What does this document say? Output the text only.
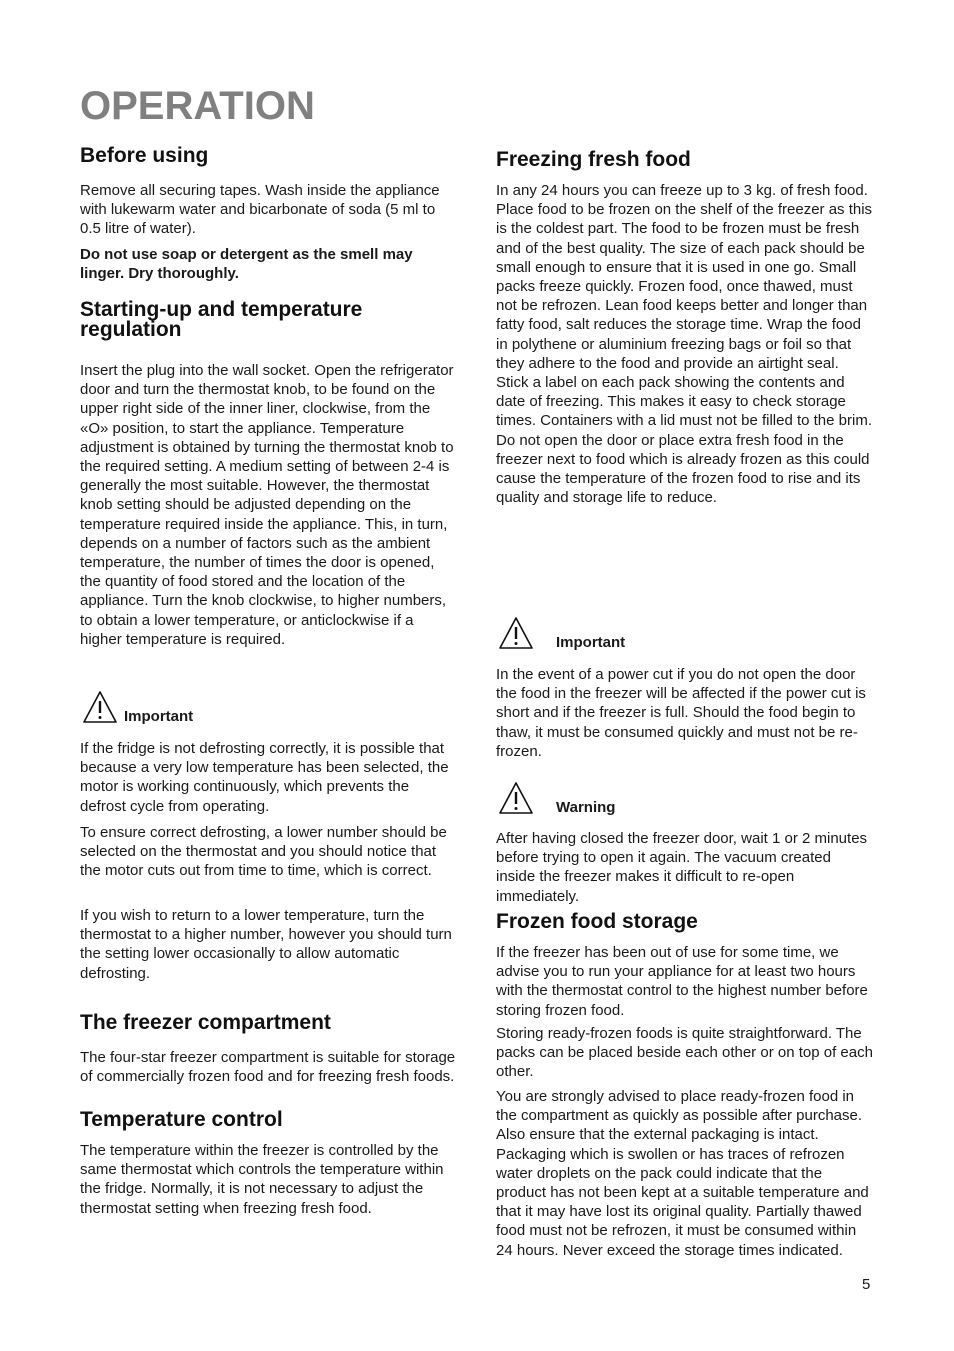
OPERATION
Before using

Remove all securing tapes. Wash inside the appliance with lukewarm water and bicarbonate of soda (5 ml to 0.5 litre of water).

Do not use soap or detergent as the smell may linger. Dry thoroughly.

Starting-up and temperature
regulation

Insert the plug into the wall socket. Open the refrigerator door and turn the thermostat knob, to be found on the upper right side of the inner liner, clockwise, from the «O» position, to start the appliance. Temperature adjustment is obtained by turning the thermostat knob to the required setting. A medium setting of between 2-4 is generally the most suitable. However, the thermostat knob setting should be adjusted depending on the temperature required inside the appliance. This, in turn, depends on a number of factors such as the ambient temperature, the number of times the door is opened, the quantity of food stored and the location of the appliance. Turn the knob clockwise, to higher numbers, to obtain a lower temperature, or anticlockwise if a higher temperature is required.

Important

If the fridge is not defrosting correctly, it is possible that because a very low temperature has been selected, the motor is working continuously, which prevents the defrost cycle from operating.

To ensure correct defrosting, a lower number should be selected on the thermostat and you should notice that the motor cuts out from time to time, which is correct.

If you wish to return to a lower temperature, turn the thermostat to a higher number, however you should turn the setting lower occasionally to allow automatic defrosting.

The freezer compartment

The four-star freezer compartment is suitable for storage of commercially frozen food and for freezing fresh foods.

Temperature control

The temperature within the freezer is controlled by the same thermostat which controls the temperature within the fridge. Normally, it is not necessary to adjust the thermostat setting when freezing fresh food.

Freezing fresh food

In any 24 hours you can freeze up to 3 kg. of fresh food. Place food to be frozen on the shelf of the freezer as this is the coldest part. The food to be frozen must be fresh and of the best quality. The size of each pack should be small enough to ensure that it is used in one go. Small packs freeze quickly. Frozen food, once thawed, must not be refrozen. Lean food keeps better and longer than fatty food, salt reduces the storage time. Wrap the food in polythene or aluminium freezing bags or foil so that they adhere to the food and provide an airtight seal. Stick a label on each pack showing the contents and date of freezing. This makes it easy to check storage times. Containers with a lid must not be filled to the brim. Do not open the door or place extra fresh food in the freezer next to food which is already frozen as this could cause the temperature of the frozen food to rise and its quality and storage life to reduce.

Important

In the event of a power cut if you do not open the door the food in the freezer will be affected if the power cut is short and if the freezer is full. Should the food begin to thaw, it must be consumed quickly and must not be re-frozen.

Warning

After having closed the freezer door, wait 1 or 2 minutes before trying to open it again. The vacuum created inside the freezer makes it difficult to re-open immediately.

Frozen food storage

If the freezer has been out of use for some time, we advise you to run your appliance for at least two hours with the thermostat control to the highest number before storing frozen food.

Storing ready-frozen foods is quite straightforward. The packs can be placed beside each other or on top of each other.

You are strongly advised to place ready-frozen food in the compartment as quickly as possible after purchase. Also ensure that the external packaging is intact. Packaging which is swollen or has traces of refrozen water droplets on the pack could indicate that the product has not been kept at a suitable temperature and that it may have lost its original quality. Partially thawed food must not be refrozen, it must be consumed within 24 hours. Never exceed the storage times indicated.

5
